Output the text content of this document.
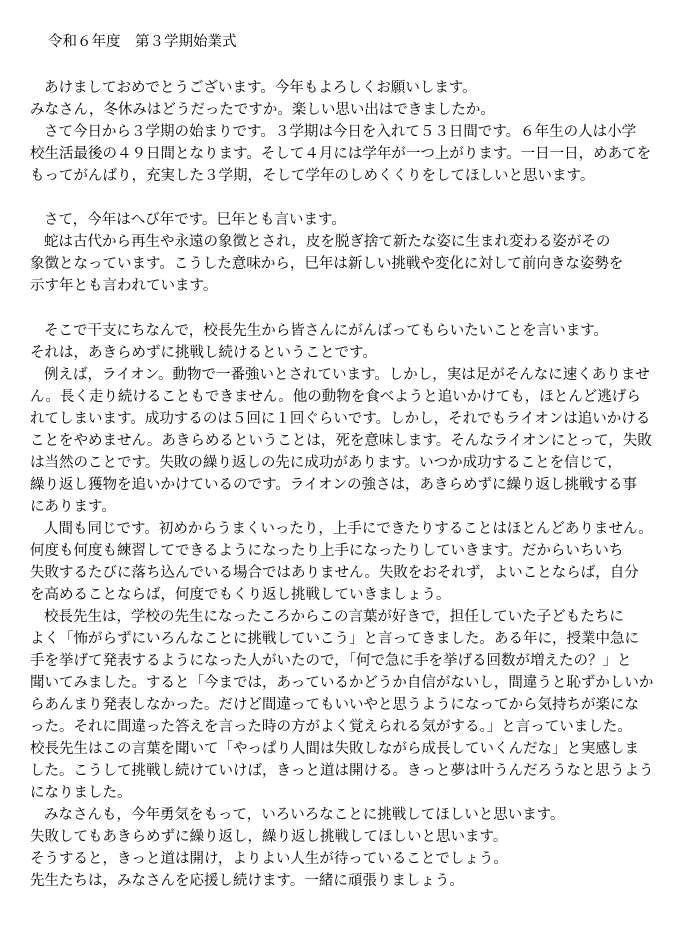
令和６年度　第３学期始業式
あけましておめでとうございます。今年もよろしくお願いします。
みなさん，冬休みはどうだったですか。楽しい思い出はできましたか。
さて今日から３学期の始まりです。３学期は今日を入れて５３日間です。６年生の人は小学
校生活最後の４９日間となります。そして４月には学年が一つ上がります。一日一日，めあてを
もってがんばり，充実した３学期，そして学年のしめくくりをしてほしいと思います。
さて，今年はへび年です。巳年とも言います。
蛇は古代から再生や永遠の象徴とされ，皮を脱ぎ捨て新たな姿に生まれ変わる姿がその
象徴となっています。こうした意味から，巳年は新しい挑戦や変化に対して前向きな姿勢を
示す年とも言われています。
そこで干支にちなんで，校長先生から皆さんにがんばってもらいたいことを言います。
それは，あきらめずに挑戦し続けるということです。
例えば，ライオン。動物で一番強いとされています。しかし，実は足がそんなに速くありませ
ん。長く走り続けることもできません。他の動物を食べようと追いかけても，ほとんど逃げら
れてしまいます。成功するのは５回に１回ぐらいです。しかし，それでもライオンは追いかける
ことをやめません。あきらめるということは，死を意味します。そんなライオンにとって，失敗
は当然のことです。失敗の繰り返しの先に成功があります。いつか成功することを信じて，
繰り返し獲物を追いかけているのです。ライオンの強さは，あきらめずに繰り返し挑戦する事
にあります。
人間も同じです。初めからうまくいったり，上手にできたりすることはほとんどありません。
何度も何度も練習してできるようになったり上手になったりしていきます。だからいちいち
失敗するたびに落ち込んでいる場合ではありません。失敗をおそれず，よいことならば，自分
を高めることならば，何度でもくり返し挑戦していきましょう。
校長先生は，学校の先生になったころからこの言葉が好きで，担任していた子どもたちに
よく「怖がらずにいろんなことに挑戦していこう」と言ってきました。ある年に，授業中急に
手を挙げて発表するようになった人がいたので，「何で急に手を挙げる回数が増えたの？」と
聞いてみました。すると「今までは，あっているかどうか自信がないし，間違うと恥ずかしいか
らあんまり発表しなかった。だけど間違ってもいいやと思うようになってから気持ちが楽にな
った。それに間違った答えを言った時の方がよく覚えられる気がする。」と言っていました。
校長先生はこの言葉を聞いて「やっぱり人間は失敗しながら成長していくんだな」と実感しま
した。こうして挑戦し続けていけば，きっと道は開ける。きっと夢は叶うんだろうなと思うよう
になりました。
みなさんも，今年勇気をもって，いろいろなことに挑戦してほしいと思います。
失敗してもあきらめずに繰り返し，繰り返し挑戦してほしいと思います。
そうすると，きっと道は開け，よりよい人生が待っていることでしょう。
先生たちは，みなさんを応援し続けます。一緒に頑張りましょう。
